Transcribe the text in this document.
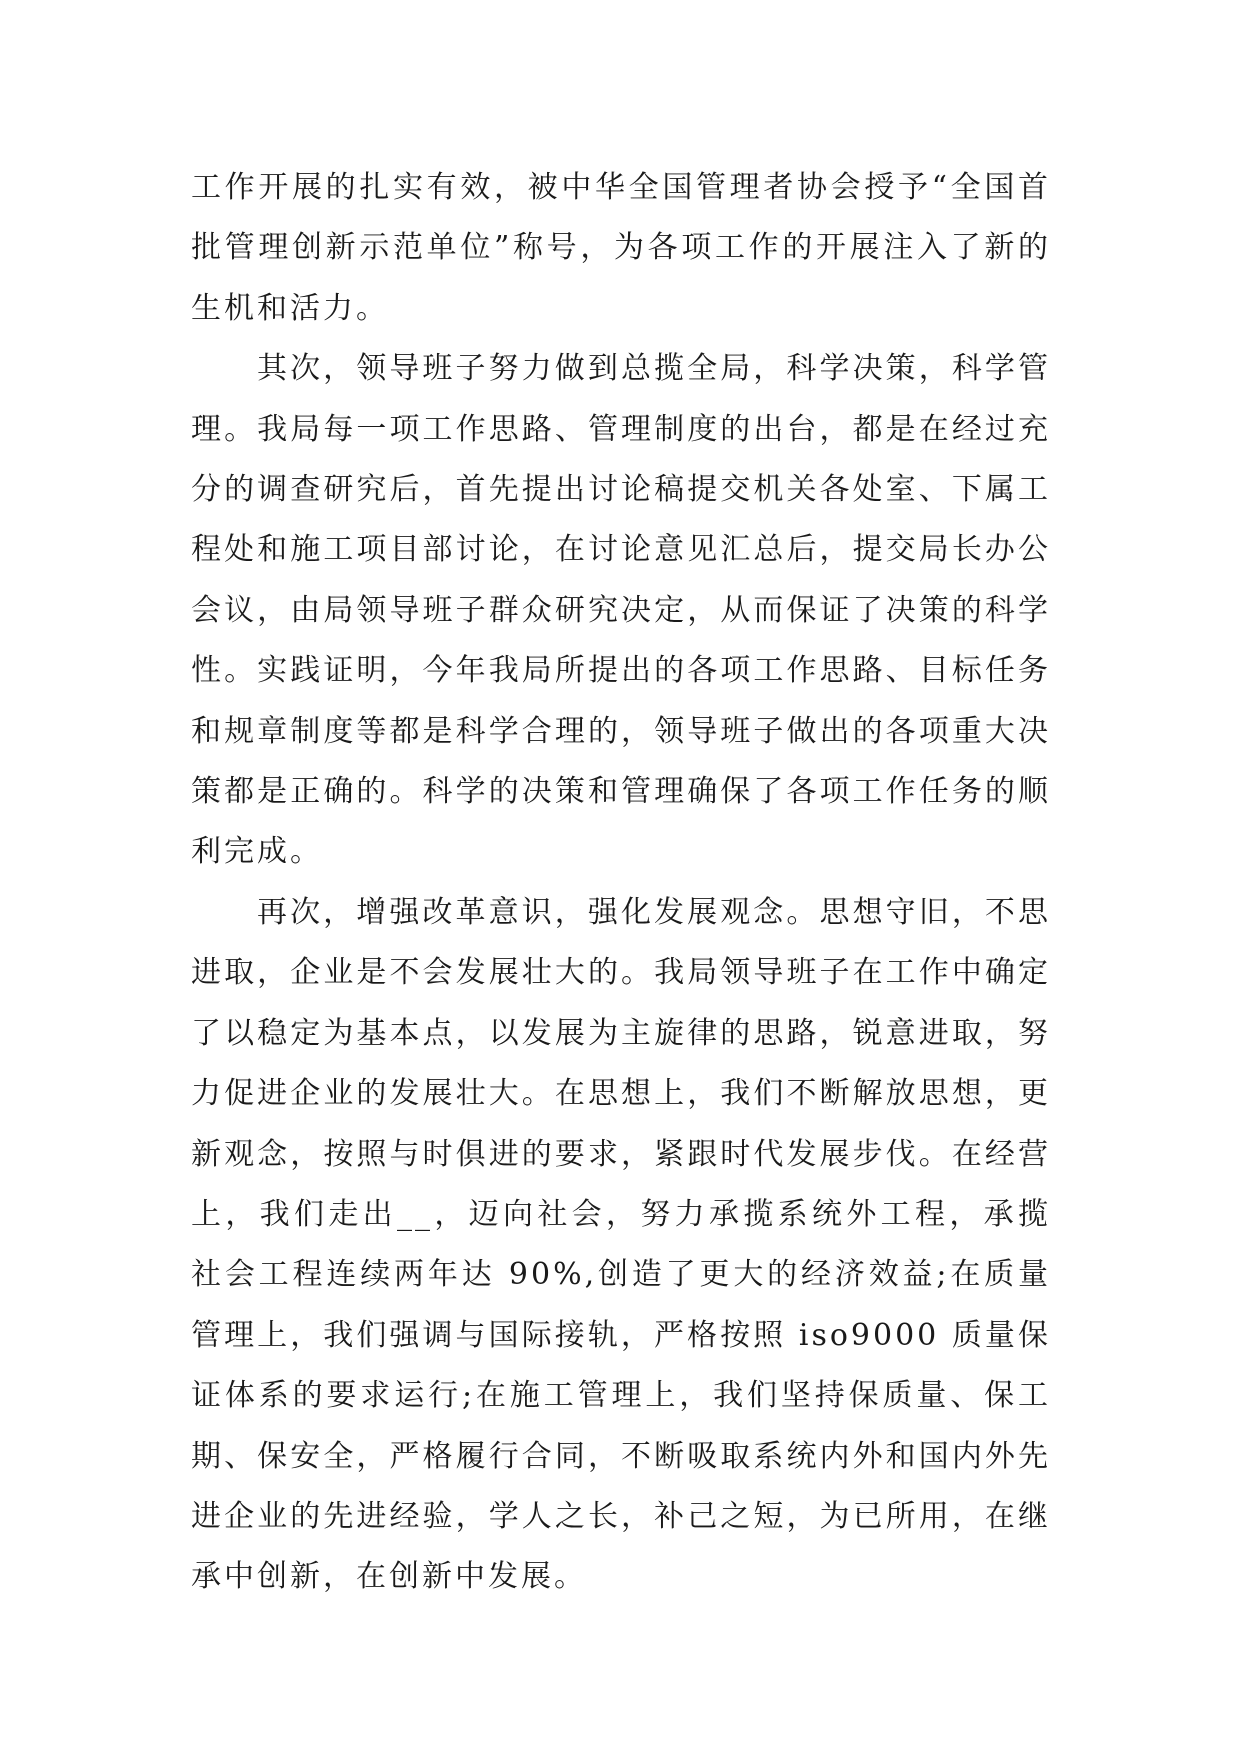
工作开展的扎实有效，被中华全国管理者协会授予“全国首批管理创新示范单位”称号，为各项工作的开展注入了新的生机和活力。

其次，领导班子努力做到总揽全局，科学决策，科学管理。我局每一项工作思路、管理制度的出台，都是在经过充分的调查研究后，首先提出讨论稿提交机关各处室、下属工程处和施工项目部讨论，在讨论意见汇总后，提交局长办公会议，由局领导班子群众研究决定，从而保证了决策的科学性。实践证明，今年我局所提出的各项工作思路、目标任务和规章制度等都是科学合理的，领导班子做出的各项重大决策都是正确的。科学的决策和管理确保了各项工作任务的顺利完成。

再次，增强改革意识，强化发展观念。思想守旧，不思进取，企业是不会发展壮大的。我局领导班子在工作中确定了以稳定为基本点，以发展为主旋律的思路，锐意进取，努力促进企业的发展壮大。在思想上，我们不断解放思想，更新观念，按照与时俱进的要求，紧跟时代发展步伐。在经营上，我们走出__，迈向社会，努力承揽系统外工程，承揽社会工程连续两年达 90%,创造了更大的经济效益;在质量管理上，我们强调与国际接轨，严格按照 iso9000 质量保证体系的要求运行;在施工管理上，我们坚持保质量、保工期、保安全，严格履行合同，不断吸取系统内外和国内外先进企业的先进经验，学人之长，补己之短，为已所用，在继承中创新，在创新中发展。
